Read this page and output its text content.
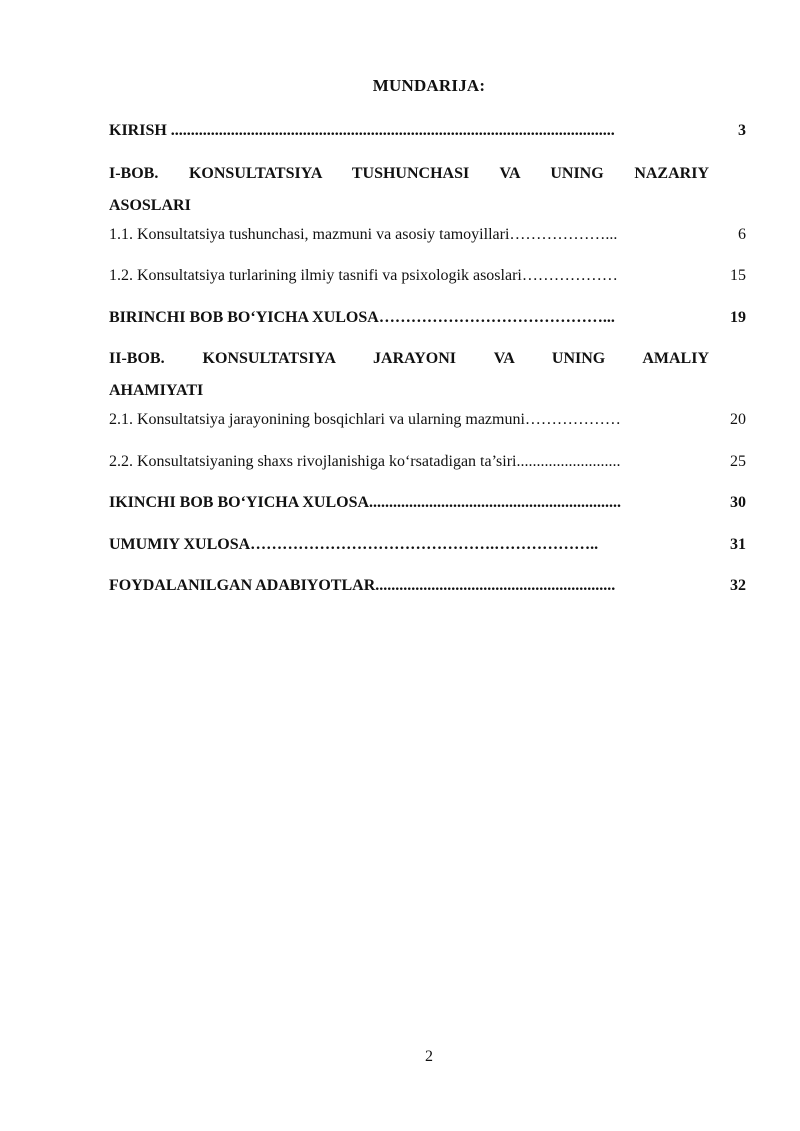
MUNDARIJA:
KIRISH ...............................................................................................................	3
I-BOB. KONSULTATSIYA TUSHUNCHASI VA UNING NAZARIY
ASOSLARI
1.1. Konsultatsiya tushunchasi, mazmuni va asosiy tamoyillari………………...	6
1.2. Konsultatsiya turlarining ilmiy tasnifi va psixologik asoslari………………	15
BIRINCHI BOB BO‘YICHA XULOSA……………………………………...	19
II-BOB. KONSULTATSIYA JARAYONI VA UNING AMALIY
AHAMIYATI
2.1. Konsultatsiya jarayonining bosqichlari va ularning mazmuni………………	20
2.2. Konsultatsiyaning shaxs rivojlanishiga ko‘rsatadigan ta’siri..........................	25
IKINCHI BOB BO‘YICHA XULOSA...............................................................	30
UMUMIY XULOSA……………………………………….………………..	31
FOYDALANILGAN ADABIYOTLAR............................................................	32
2
